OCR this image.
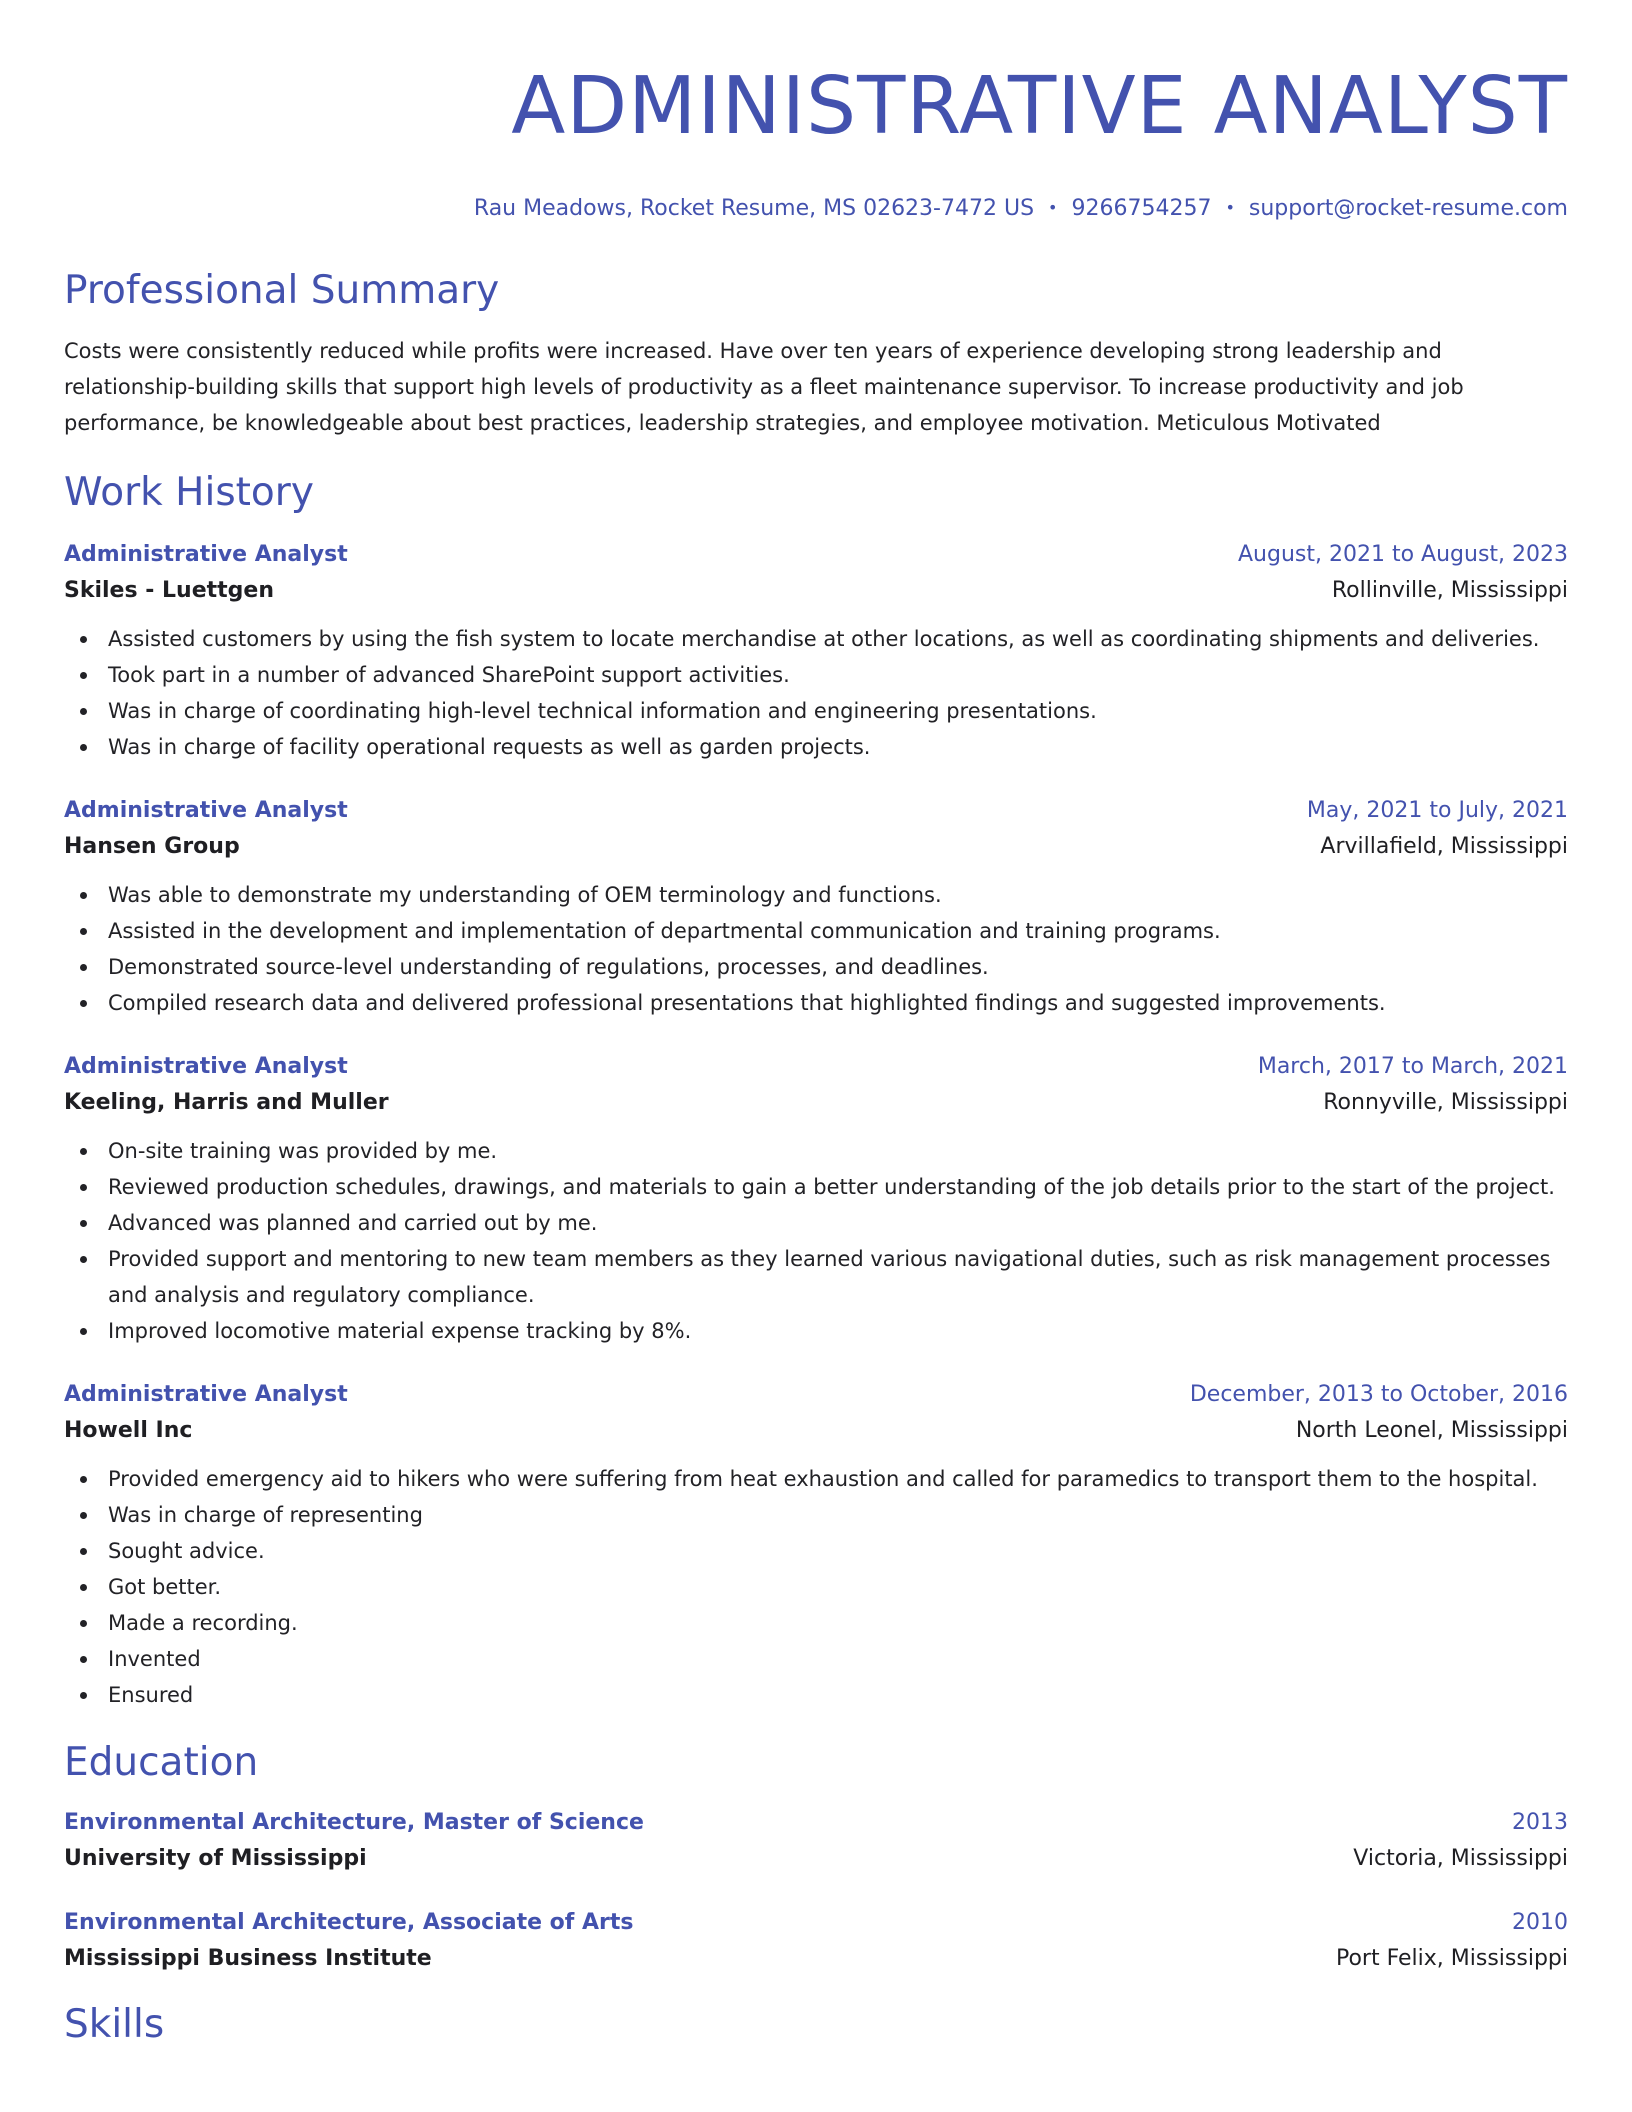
ADMINISTRATIVE ANALYST
Rau Meadows, Rocket Resume, MS 02623-7472 US • 9266754257 • support@rocket-resume.com
Professional Summary
Costs were consistently reduced while profits were increased. Have over ten years of experience developing strong leadership and relationship-building skills that support high levels of productivity as a fleet maintenance supervisor. To increase productivity and job performance, be knowledgeable about best practices, leadership strategies, and employee motivation. Meticulous Motivated
Work History
Administrative Analyst	August, 2021 to August, 2023
Skiles - Luettgen	Rollinville, Mississippi
Assisted customers by using the fish system to locate merchandise at other locations, as well as coordinating shipments and deliveries.
Took part in a number of advanced SharePoint support activities.
Was in charge of coordinating high-level technical information and engineering presentations.
Was in charge of facility operational requests as well as garden projects.
Administrative Analyst	May, 2021 to July, 2021
Hansen Group	Arvillafield, Mississippi
Was able to demonstrate my understanding of OEM terminology and functions.
Assisted in the development and implementation of departmental communication and training programs.
Demonstrated source-level understanding of regulations, processes, and deadlines.
Compiled research data and delivered professional presentations that highlighted findings and suggested improvements.
Administrative Analyst	March, 2017 to March, 2021
Keeling, Harris and Muller	Ronnyville, Mississippi
On-site training was provided by me.
Reviewed production schedules, drawings, and materials to gain a better understanding of the job details prior to the start of the project.
Advanced was planned and carried out by me.
Provided support and mentoring to new team members as they learned various navigational duties, such as risk management processes and analysis and regulatory compliance.
Improved locomotive material expense tracking by 8%.
Administrative Analyst	December, 2013 to October, 2016
Howell Inc	North Leonel, Mississippi
Provided emergency aid to hikers who were suffering from heat exhaustion and called for paramedics to transport them to the hospital.
Was in charge of representing
Sought advice.
Got better.
Made a recording.
Invented
Ensured
Education
Environmental Architecture, Master of Science	2013
University of Mississippi	Victoria, Mississippi
Environmental Architecture, Associate of Arts	2010
Mississippi Business Institute	Port Felix, Mississippi
Skills
